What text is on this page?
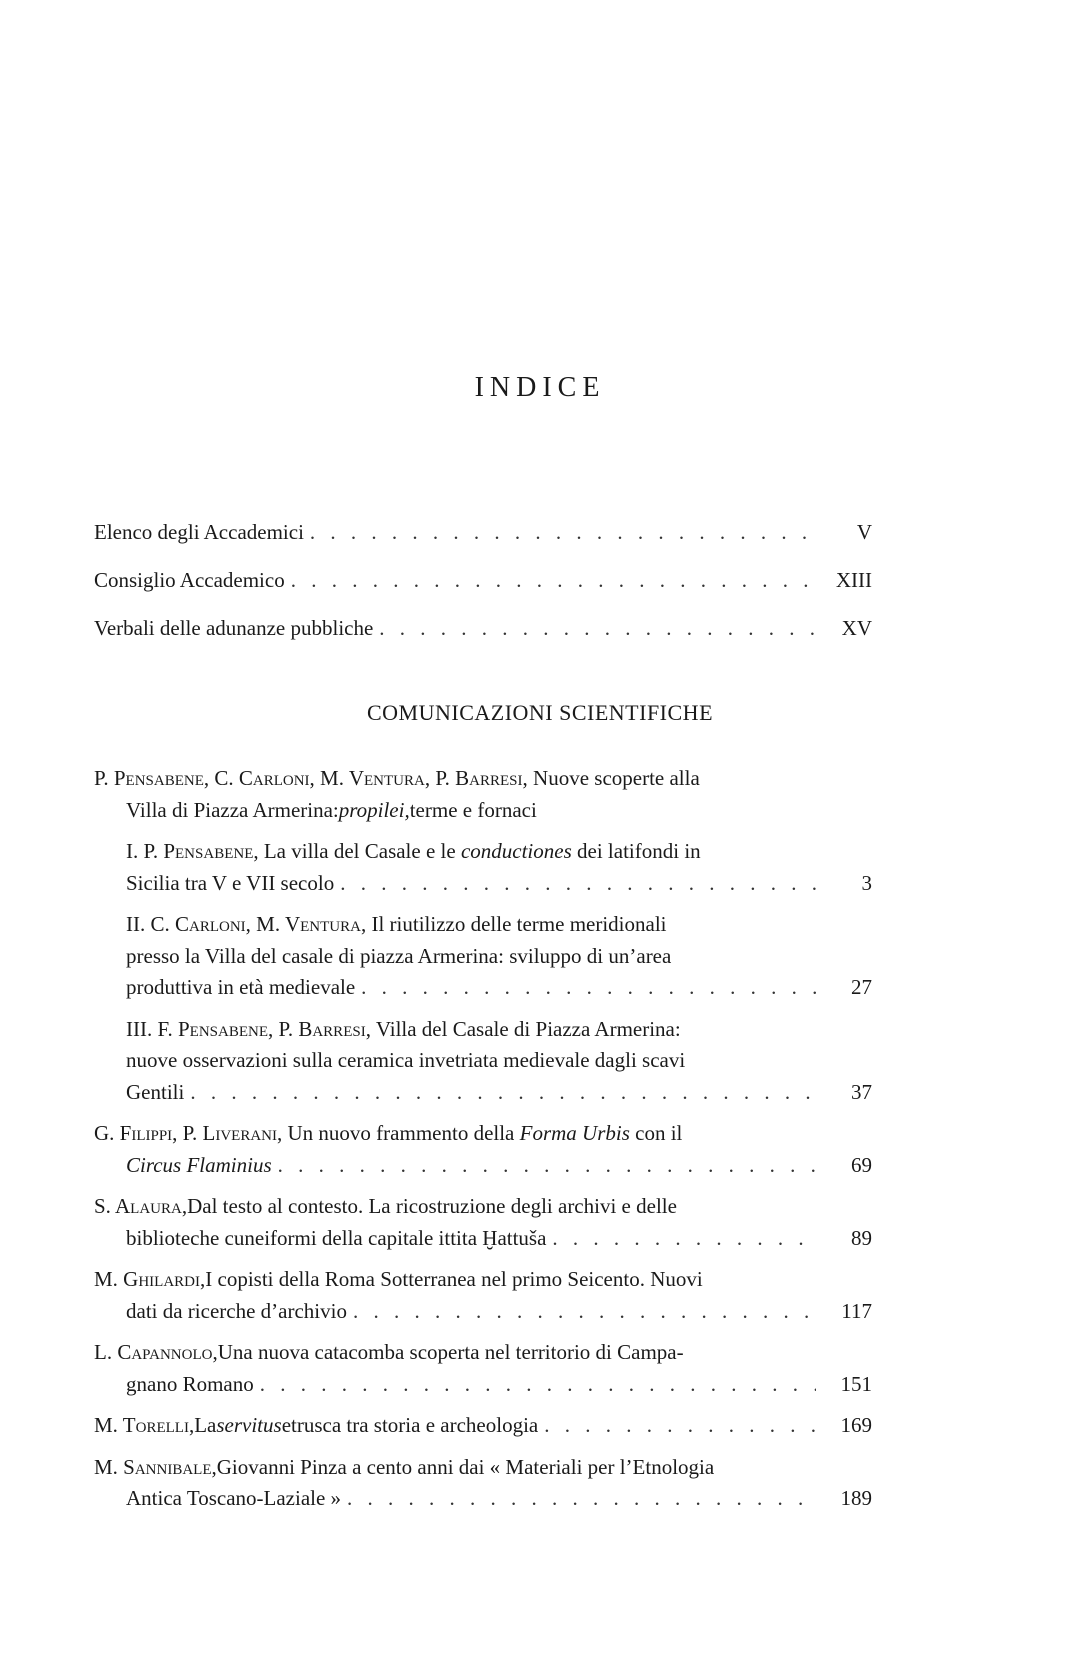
INDICE
Elenco degli Accademici . . .	V
Consiglio Accademico . . .	XIII
Verbali delle adunanze pubbliche . . .	XV
COMUNICAZIONI SCIENTIFICHE
P. Pensabene, C. Carloni, M. Ventura, P. Barresi, Nuove scoperte alla
Villa di Piazza Armerina: propilei, terme e fornaci
I. P. Pensabene, La villa del Casale e le conductiones dei latifondi in
Sicilia tra V e VII secolo . . .	3
II. C. Carloni, M. Ventura, Il riutilizzo delle terme meridionali
presso la Villa del casale di piazza Armerina: sviluppo di un’area
produttiva in età medievale . . .	27
III. F. Pensabene, P. Barresi, Villa del Casale di Piazza Armerina:
nuove osservazioni sulla ceramica invetriata medievale dagli scavi
Gentili . . .	37
G. Filippi, P. Liverani, Un nuovo frammento della Forma Urbis con il
Circus Flaminius . . .	69
S. Alaura, Dal testo al contesto. La ricostruzione degli archivi e delle
biblioteche cuneiformi della capitale ittita Ḫattuša . . .	89
M. Ghilardi, I copisti della Roma Sotterranea nel primo Seicento. Nuovi
dati da ricerche d’archivio . . .	117
L. Capannolo, Una nuova catacomba scoperta nel territorio di Campa-
gnano Romano . . .	151
M. Torelli, La servitus etrusca tra storia e archeologia . . .	169
M. Sannibale, Giovanni Pinza a cento anni dai « Materiali per l’Etnologia
Antica Toscano-Laziale » . . .	189
